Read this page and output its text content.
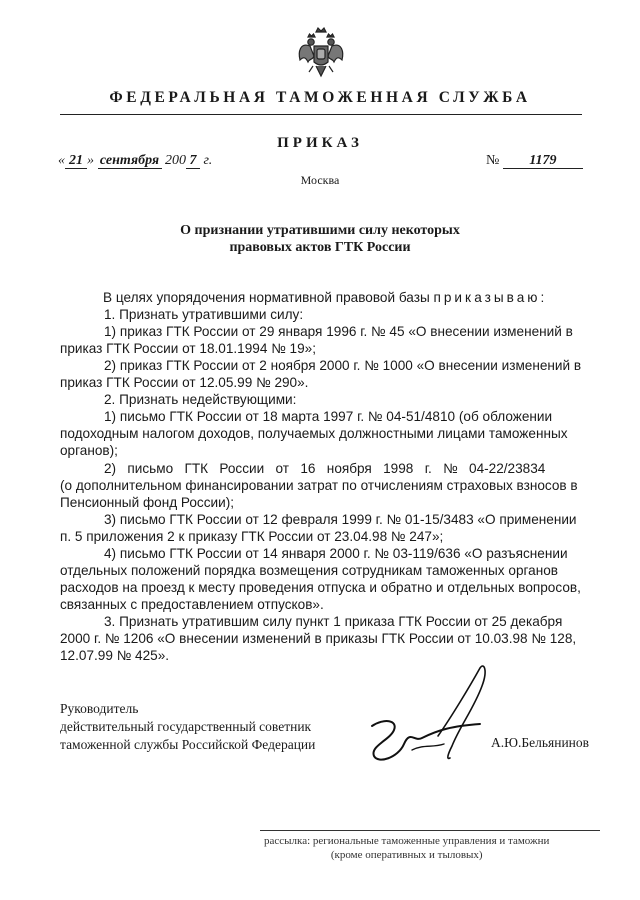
ФЕДЕРАЛЬНАЯ ТАМОЖЕННАЯ СЛУЖБА
ПРИКАЗ
« 21 » сентября 200 7 г.	№ 1179
Москва
О признании утратившими силу некоторых
правовых актов ГТК России
В целях упорядочения нормативной правовой базы приказываю:
1. Признать утратившими силу:
1) приказ ГТК России от 29 января 1996 г. № 45 «О внесении изменений в
приказ ГТК России от 18.01.1994 № 19»;
2) приказ ГТК России от 2 ноября 2000 г. № 1000 «О внесении изменений в
приказ ГТК России от 12.05.99 № 290».
2. Признать недействующими:
1) письмо ГТК России от 18 марта 1997 г. № 04-51/4810 (об обложении
подоходным налогом доходов, получаемых должностными лицами таможенных
органов);
2)   письмо   ГТК   России   от   16   ноября   1998   г.   №   04-22/23834
(о дополнительном финансировании затрат по отчислениям страховых взносов в
Пенсионный фонд России);
3) письмо ГТК России от 12 февраля 1999 г. № 01-15/3483 «О применении
п. 5 приложения 2 к приказу ГТК России от 23.04.98 № 247»;
4) письмо ГТК России от 14 января 2000 г. № 03-119/636 «О разъяснении
отдельных положений порядка возмещения сотрудникам таможенных органов
расходов на проезд к месту проведения отпуска и обратно и отдельных вопросов,
связанных с предоставлением отпусков».
3. Признать утратившим силу пункт 1 приказа ГТК России от 25 декабря
2000 г. № 1206 «О внесении изменений в приказы ГТК России от 10.03.98 № 128,
12.07.99 № 425».
Руководитель
действительный государственный советник
таможенной службы Российской Федерации	А.Ю.Бельянинов
рассылка: региональные таможенные управления и таможни
(кроме оперативных и тыловых)
